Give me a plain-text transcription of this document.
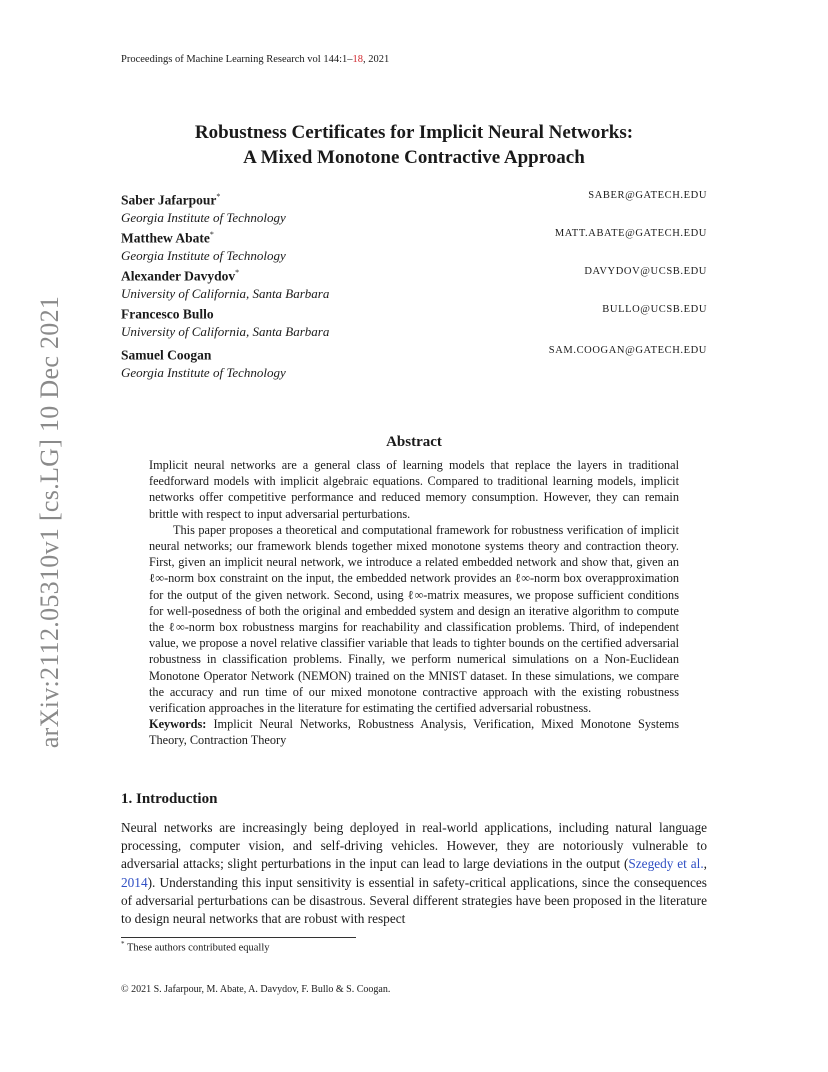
Proceedings of Machine Learning Research vol 144:1–18, 2021
Robustness Certificates for Implicit Neural Networks:
A Mixed Monotone Contractive Approach
Saber Jafarpour*
Georgia Institute of Technology
SABER@GATECH.EDU
Matthew Abate*
Georgia Institute of Technology
MATT.ABATE@GATECH.EDU
Alexander Davydov*
University of California, Santa Barbara
DAVYDOV@UCSB.EDU
Francesco Bullo
University of California, Santa Barbara
BULLO@UCSB.EDU
Samuel Coogan
Georgia Institute of Technology
SAM.COOGAN@GATECH.EDU
Abstract

Implicit neural networks are a general class of learning models that replace the layers in traditional feedforward models with implicit algebraic equations. Compared to traditional learning models, implicit networks offer competitive performance and reduced memory consumption. However, they can remain brittle with respect to input adversarial perturbations.

This paper proposes a theoretical and computational framework for robustness verification of implicit neural networks; our framework blends together mixed monotone systems theory and contraction theory. First, given an implicit neural network, we introduce a related embedded network and show that, given an ℓ∞-norm box constraint on the input, the embedded network provides an ℓ∞-norm box overapproximation for the output of the given network. Second, using ℓ∞-matrix measures, we propose sufficient conditions for well-posedness of both the original and embedded system and design an iterative algorithm to compute the ℓ∞-norm box robustness margins for reachability and classification problems. Third, of independent value, we propose a novel relative classifier variable that leads to tighter bounds on the certified adversarial robustness in classification problems. Finally, we perform numerical simulations on a Non-Euclidean Monotone Operator Network (NEMON) trained on the MNIST dataset. In these simulations, we compare the accuracy and run time of our mixed monotone contractive approach with the existing robustness verification approaches in the literature for estimating the certified adversarial robustness.

Keywords: Implicit Neural Networks, Robustness Analysis, Verification, Mixed Monotone Systems Theory, Contraction Theory

1. Introduction

Neural networks are increasingly being deployed in real-world applications, including natural language processing, computer vision, and self-driving vehicles. However, they are notoriously vulnerable to adversarial attacks; slight perturbations in the input can lead to large deviations in the output (Szegedy et al., 2014). Understanding this input sensitivity is essential in safety-critical applications, since the consequences of adversarial perturbations can be disastrous. Several different strategies have been proposed in the literature to design neural networks that are robust with respect

* These authors contributed equally
© 2021 S. Jafarpour, M. Abate, A. Davydov, F. Bullo & S. Coogan.
arXiv:2112.05310v1 [cs.LG] 10 Dec 2021
